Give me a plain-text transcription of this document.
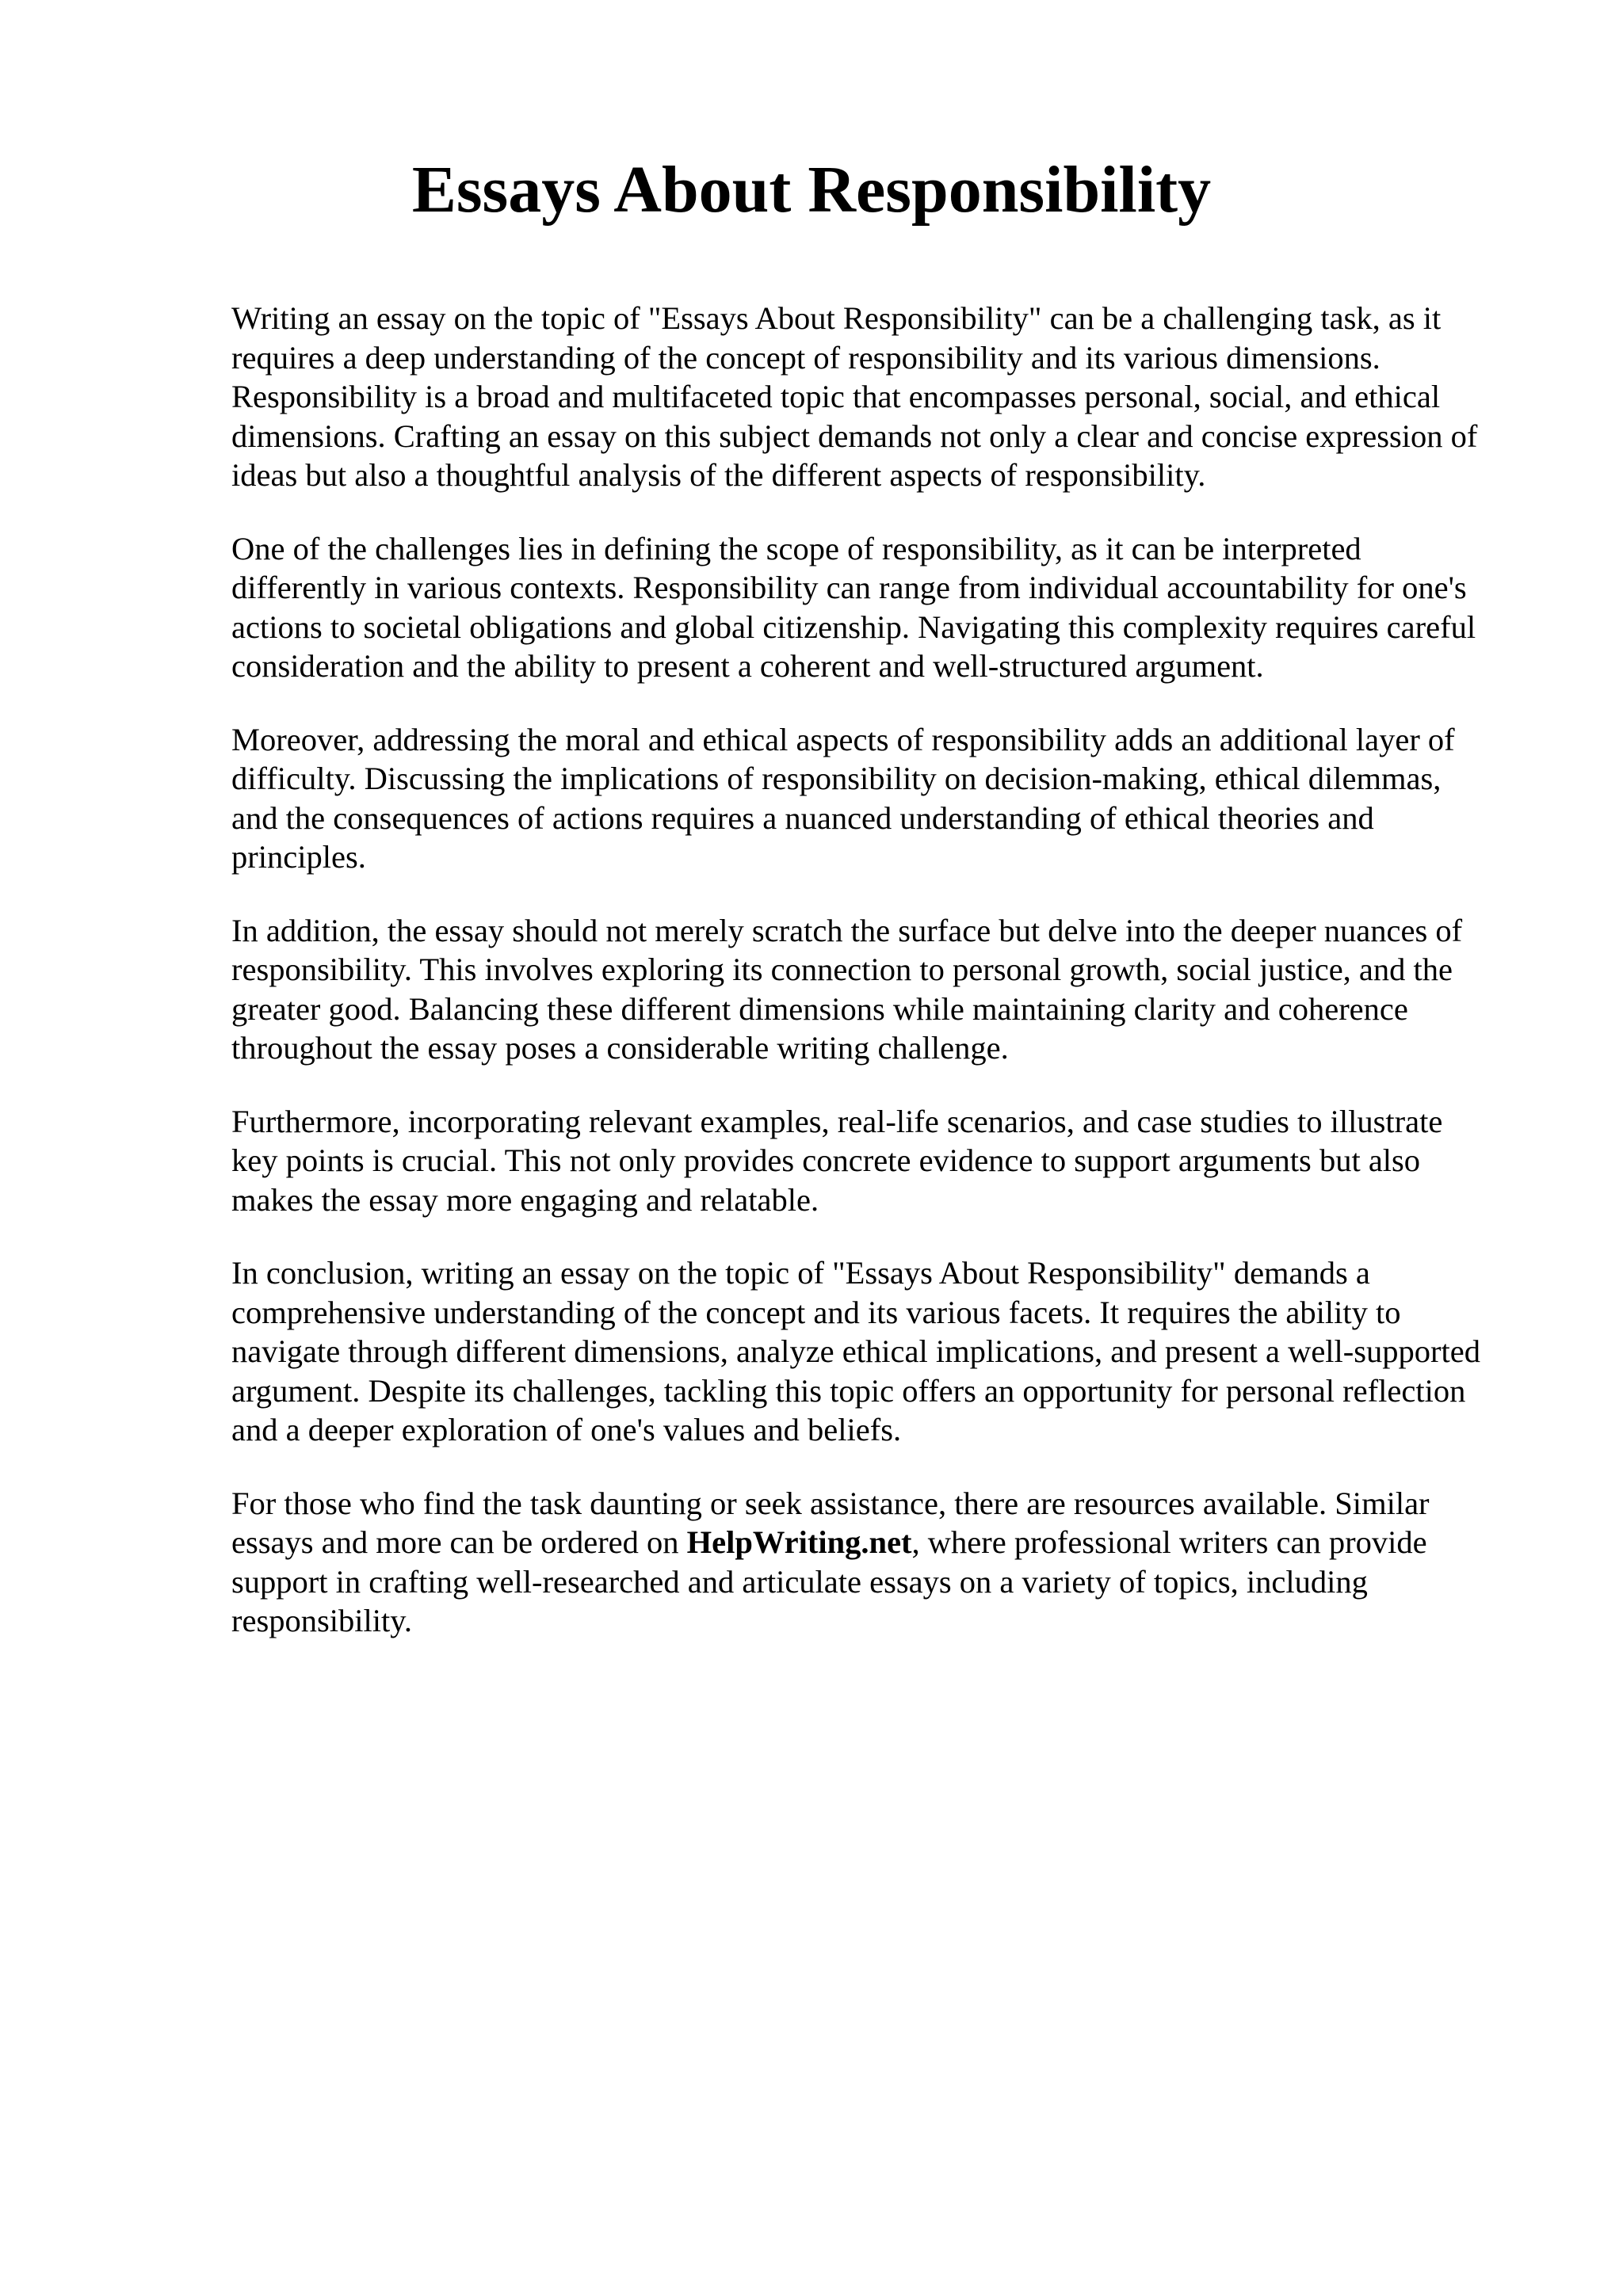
Essays About Responsibility

Writing an essay on the topic of "Essays About Responsibility" can be a challenging task, as it
requires a deep understanding of the concept of responsibility and its various dimensions.
Responsibility is a broad and multifaceted topic that encompasses personal, social, and ethical
dimensions. Crafting an essay on this subject demands not only a clear and concise expression of
ideas but also a thoughtful analysis of the different aspects of responsibility.

One of the challenges lies in defining the scope of responsibility, as it can be interpreted
differently in various contexts. Responsibility can range from individual accountability for one's
actions to societal obligations and global citizenship. Navigating this complexity requires careful
consideration and the ability to present a coherent and well-structured argument.

Moreover, addressing the moral and ethical aspects of responsibility adds an additional layer of
difficulty. Discussing the implications of responsibility on decision-making, ethical dilemmas,
and the consequences of actions requires a nuanced understanding of ethical theories and
principles.

In addition, the essay should not merely scratch the surface but delve into the deeper nuances of
responsibility. This involves exploring its connection to personal growth, social justice, and the
greater good. Balancing these different dimensions while maintaining clarity and coherence
throughout the essay poses a considerable writing challenge.

Furthermore, incorporating relevant examples, real-life scenarios, and case studies to illustrate
key points is crucial. This not only provides concrete evidence to support arguments but also
makes the essay more engaging and relatable.

In conclusion, writing an essay on the topic of "Essays About Responsibility" demands a
comprehensive understanding of the concept and its various facets. It requires the ability to
navigate through different dimensions, analyze ethical implications, and present a well-supported
argument. Despite its challenges, tackling this topic offers an opportunity for personal reflection
and a deeper exploration of one's values and beliefs.

For those who find the task daunting or seek assistance, there are resources available. Similar
essays and more can be ordered on HelpWriting.net, where professional writers can provide
support in crafting well-researched and articulate essays on a variety of topics, including
responsibility.
